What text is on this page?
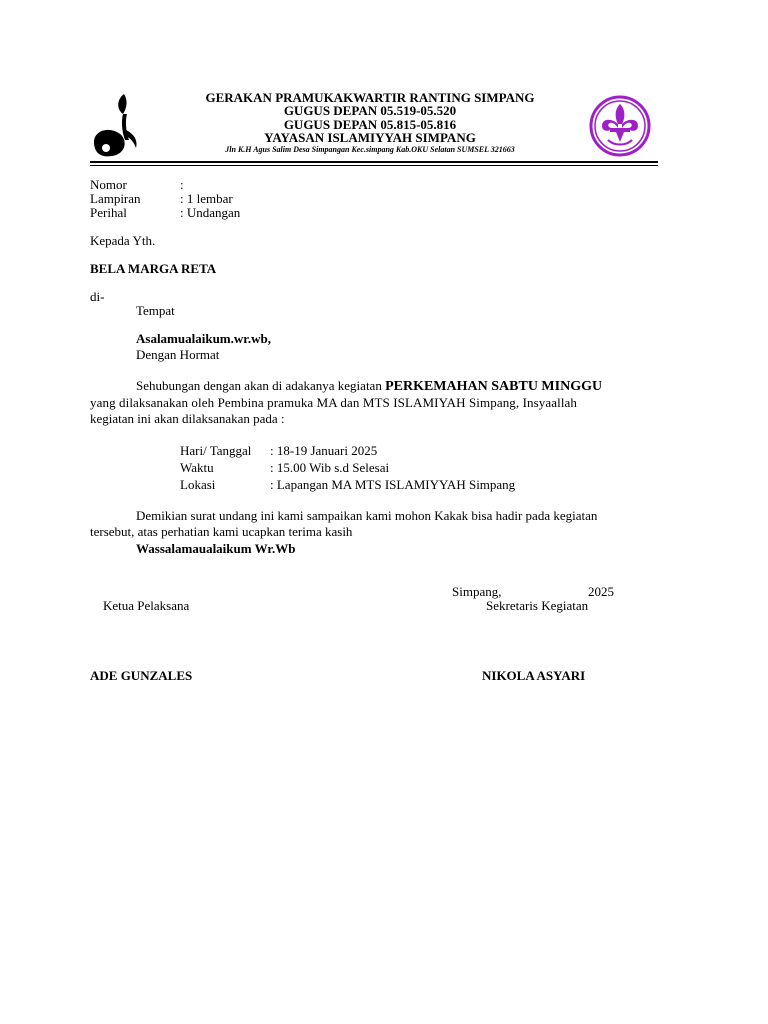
GERAKAN PRAMUKAKWARTIR RANTING SIMPANG
GUGUS DEPAN 05.519-05.520
GUGUS DEPAN 05.815-05.816
YAYASAN ISLAMIYYAH SIMPANG
Jln K.H Agus Salim Desa Simpangan Kec.simpang Kab.OKU Selatan SUMSEL 321663
Nomor	:
Lampiran	: 1 lembar
Perihal	: Undangan
Kepada Yth.
BELA MARGA RETA
di-
Tempat
Asalamualaikum.wr.wb,
Dengan Hormat
Sehubungan dengan akan di adakanya kegiatan PERKEMAHAN SABTU MINGGU
yang dilaksanakan oleh Pembina pramuka MA dan MTS ISLAMIYAH Simpang, Insyaallah
kegiatan ini akan dilaksanakan pada :
Hari/ Tanggal : 18-19 Januari 2025
Waktu	: 15.00 Wib s.d Selesai
Lokasi	: Lapangan MA MTS ISLAMIYYAH Simpang
Demikian surat undang ini kami sampaikan kami mohon Kakak bisa hadir pada kegiatan
tersebut, atas perhatian kami ucapkan terima kasih
Wassalamaualaikum Wr.Wb
Simpang,	2025
Ketua Pelaksana	Sekretaris Kegiatan
ADE GUNZALES	NIKOLA ASYARI
